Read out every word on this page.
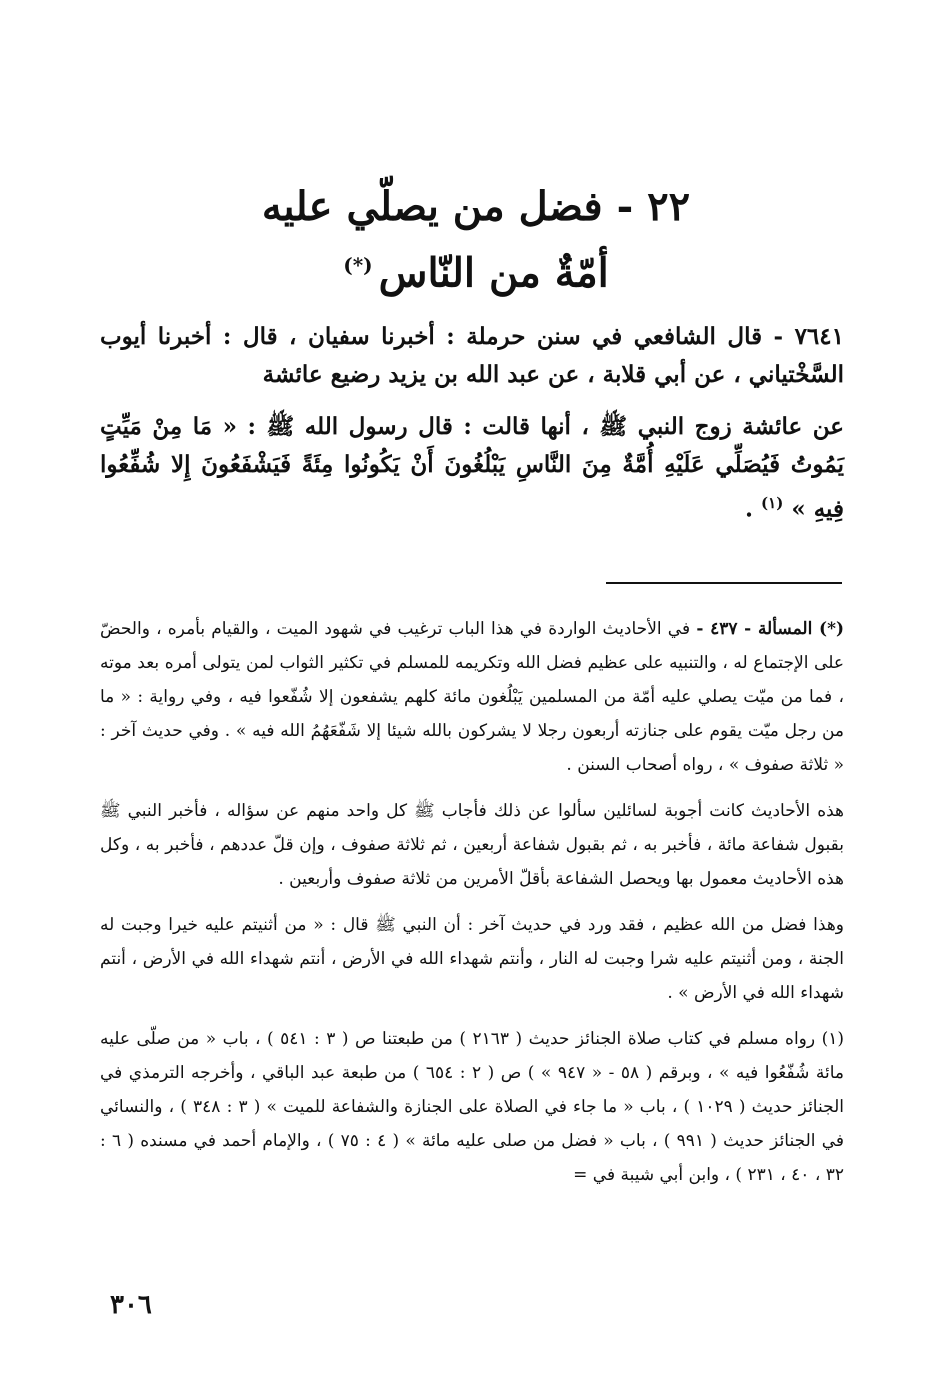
٢٢ - فضل من يصلّي عليه

أمّةٌ من النّاس(*)

٧٦٤١ - قال الشافعي في سنن حرملة : أخبرنا سفيان ، قال : أخبرنا أيوب السَّخْتياني ، عن أبي قلابة ، عن عبد الله بن يزيد رضيع عائشة

عن عائشة زوج النبي ﷺ ، أنها قالت : قال رسول الله ﷺ : « مَا مِنْ مَيِّتٍ يَمُوتُ فَيُصَلِّي عَلَيْهِ أُمَّةٌ مِنَ النَّاسِ يَبْلُغُونَ أَنْ يَكُونُوا مِئَةً فَيَشْفَعُونَ إِلا شُفِّعُوا فِيهِ » $^{(١)}$ .

(*) المسألة - ٤٣٧ - في الأحاديث الواردة في هذا الباب ترغيب في شهود الميت ، والقيام بأمره ، والحضّ على الإجتماع له ، والتنبيه على عظيم فضل الله وتكريمه للمسلم في تكثير الثواب لمن يتولى أمره بعد موته ، فما من ميّت يصلي عليه أمّة من المسلمين يَبْلُغون مائة كلهم يشفعون إلا شُفّعوا فيه ، وفي رواية : « ما من رجل ميّت يقوم على جنازته أربعون رجلا لا يشركون بالله شيئا إلا شَفّعَهُمُ الله فيه » . وفي حديث آخر : « ثلاثة صفوف » ، رواه أصحاب السنن .

هذه الأحاديث كانت أجوبة لسائلين سألوا عن ذلك فأجاب ﷺ كل واحد منهم عن سؤاله ، فأخبر النبي ﷺ بقبول شفاعة مائة ، فأخبر به ، ثم بقبول شفاعة أربعين ، ثم ثلاثة صفوف ، وإن قلّ عددهم ، فأخبر به ، وكل هذه الأحاديث معمول بها ويحصل الشفاعة بأقلّ الأمرين من ثلاثة صفوف وأربعين .

وهذا فضل من الله عظيم ، فقد ورد في حديث آخر : أن النبي ﷺ قال : « من أثنيتم عليه خيرا وجبت له الجنة ، ومن أثنيتم عليه شرا وجبت له النار ، وأنتم شهداء الله في الأرض ، أنتم شهداء الله في الأرض ، أنتم شهداء الله في الأرض » .

(١) رواه مسلم في كتاب صلاة الجنائز حديث ( ٢١٦٣ ) من طبعتنا ص ( ٣ : ٥٤١ ) ، باب « من صلّى عليه مائة شُفّعُوا فيه » ، وبرقم ( ٥٨ - « ٩٤٧ » ) ص ( ٢ : ٦٥٤ ) من طبعة عبد الباقي ، وأخرجه الترمذي في الجنائز حديث ( ١٠٢٩ ) ، باب « ما جاء في الصلاة على الجنازة والشفاعة للميت » ( ٣ : ٣٤٨ ) ، والنسائي في الجنائز حديث ( ٩٩١ ) ، باب « فضل من صلى عليه مائة » ( ٤ : ٧٥ ) ، والإمام أحمد في مسنده ( ٦ : ٣٢ ، ٤٠ ، ٢٣١ ) ، وابن أبي شيبة في =

٣٠٦
